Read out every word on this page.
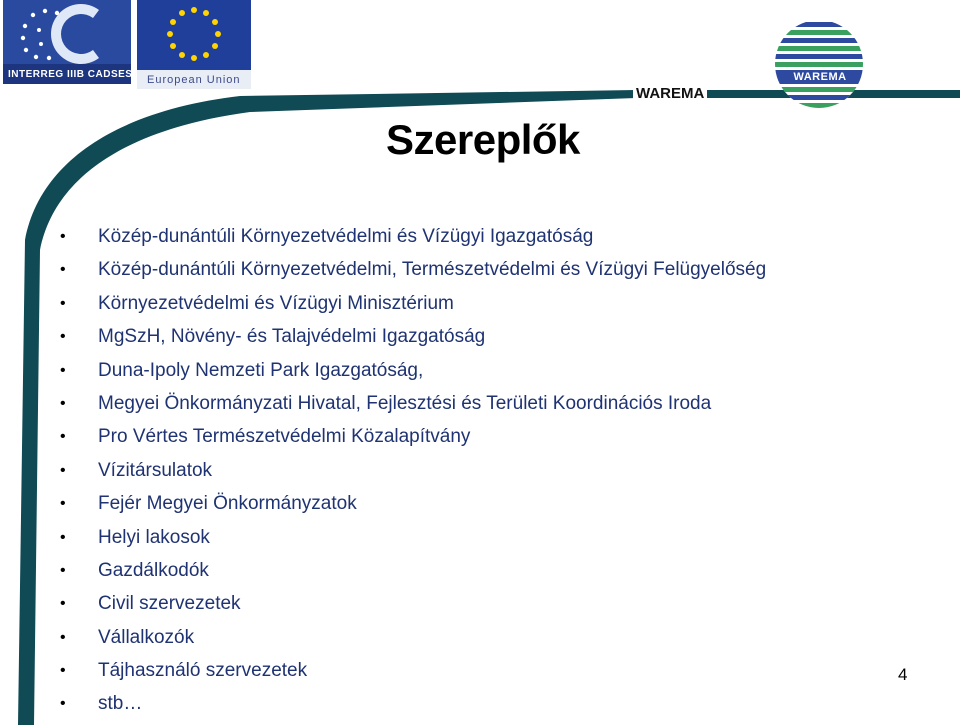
INTERREG IIIB CADSES European Union	WAREMA
WAREMA
Szereplők
• Közép-dunántúli Környezetvédelmi és Vízügyi Igazgatóság
• Közép-dunántúli Környezetvédelmi, Természetvédelmi és Vízügyi Felügyelőség
• Környezetvédelmi és Vízügyi Minisztérium
• MgSzH, Növény- és Talajvédelmi Igazgatóság
• Duna-Ipoly Nemzeti Park Igazgatóság,
• Megyei Önkormányzati Hivatal, Fejlesztési és Területi Koordinációs Iroda
• Pro Vértes Természetvédelmi Közalapítvány
• Vízitársulatok
• Fejér Megyei Önkormányzatok
• Helyi lakosok
• Gazdálkodók
• Civil szervezetek
• Vállalkozók
• Tájhasználó szervezetek
• stb…
4
